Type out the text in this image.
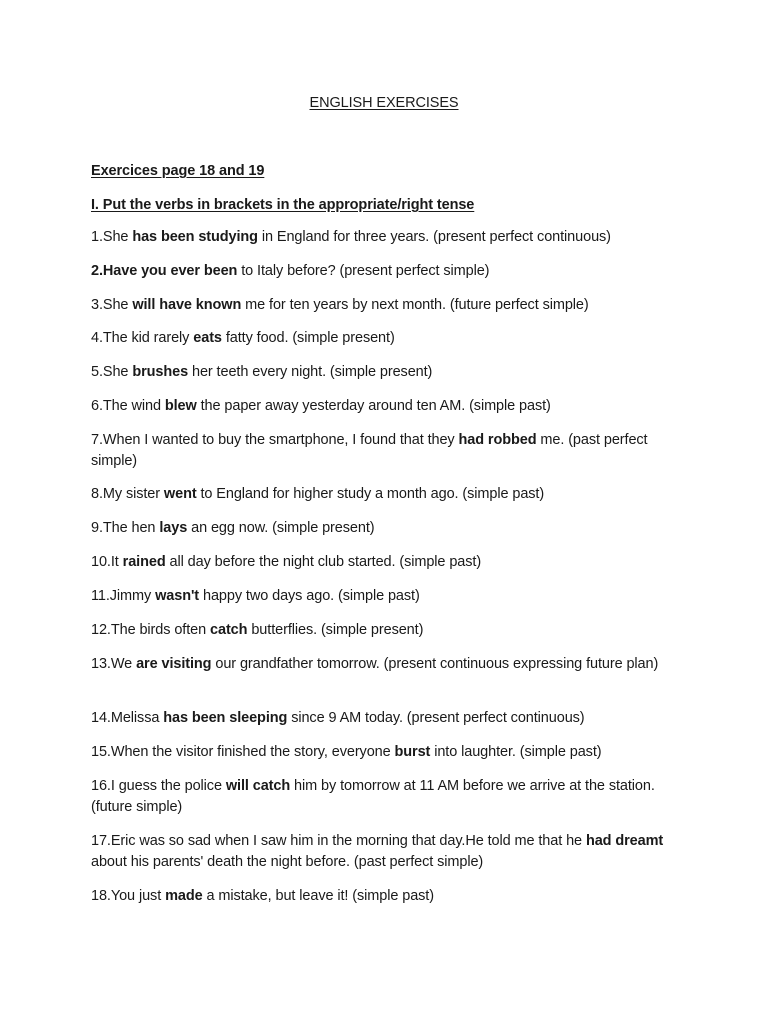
ENGLISH EXERCISES
Exercices page 18 and 19
I. Put the verbs in brackets in the appropriate/right tense
1.She has been studying in England for three years. (present perfect continuous)
2.Have you ever been to Italy before? (present perfect simple)
3.She will have known me for ten years by next month. (future perfect simple)
4.The kid rarely eats fatty food. (simple present)
5.She brushes her teeth every night. (simple present)
6.The wind blew the paper away yesterday around ten AM. (simple past)
7.When I wanted to buy the smartphone, I found that they had robbed me. (past perfect simple)
8.My sister went to England for higher study a month ago. (simple past)
9.The hen lays an egg now. (simple present)
10.It rained all day before the night club started. (simple past)
11.Jimmy wasn't happy two days ago. (simple past)
12.The birds often catch butterflies. (simple present)
13.We are visiting our grandfather tomorrow. (present continuous expressing future plan)
14.Melissa has been sleeping since 9 AM today. (present perfect continuous)
15.When the visitor finished the story, everyone burst into laughter. (simple past)
16.I guess the police will catch him by tomorrow at 11 AM before we arrive at the station. (future simple)
17.Eric was so sad when I saw him in the morning that day.He told me that he had dreamt about his parents' death the night before. (past perfect simple)
18.You just made a mistake, but leave it! (simple past)
